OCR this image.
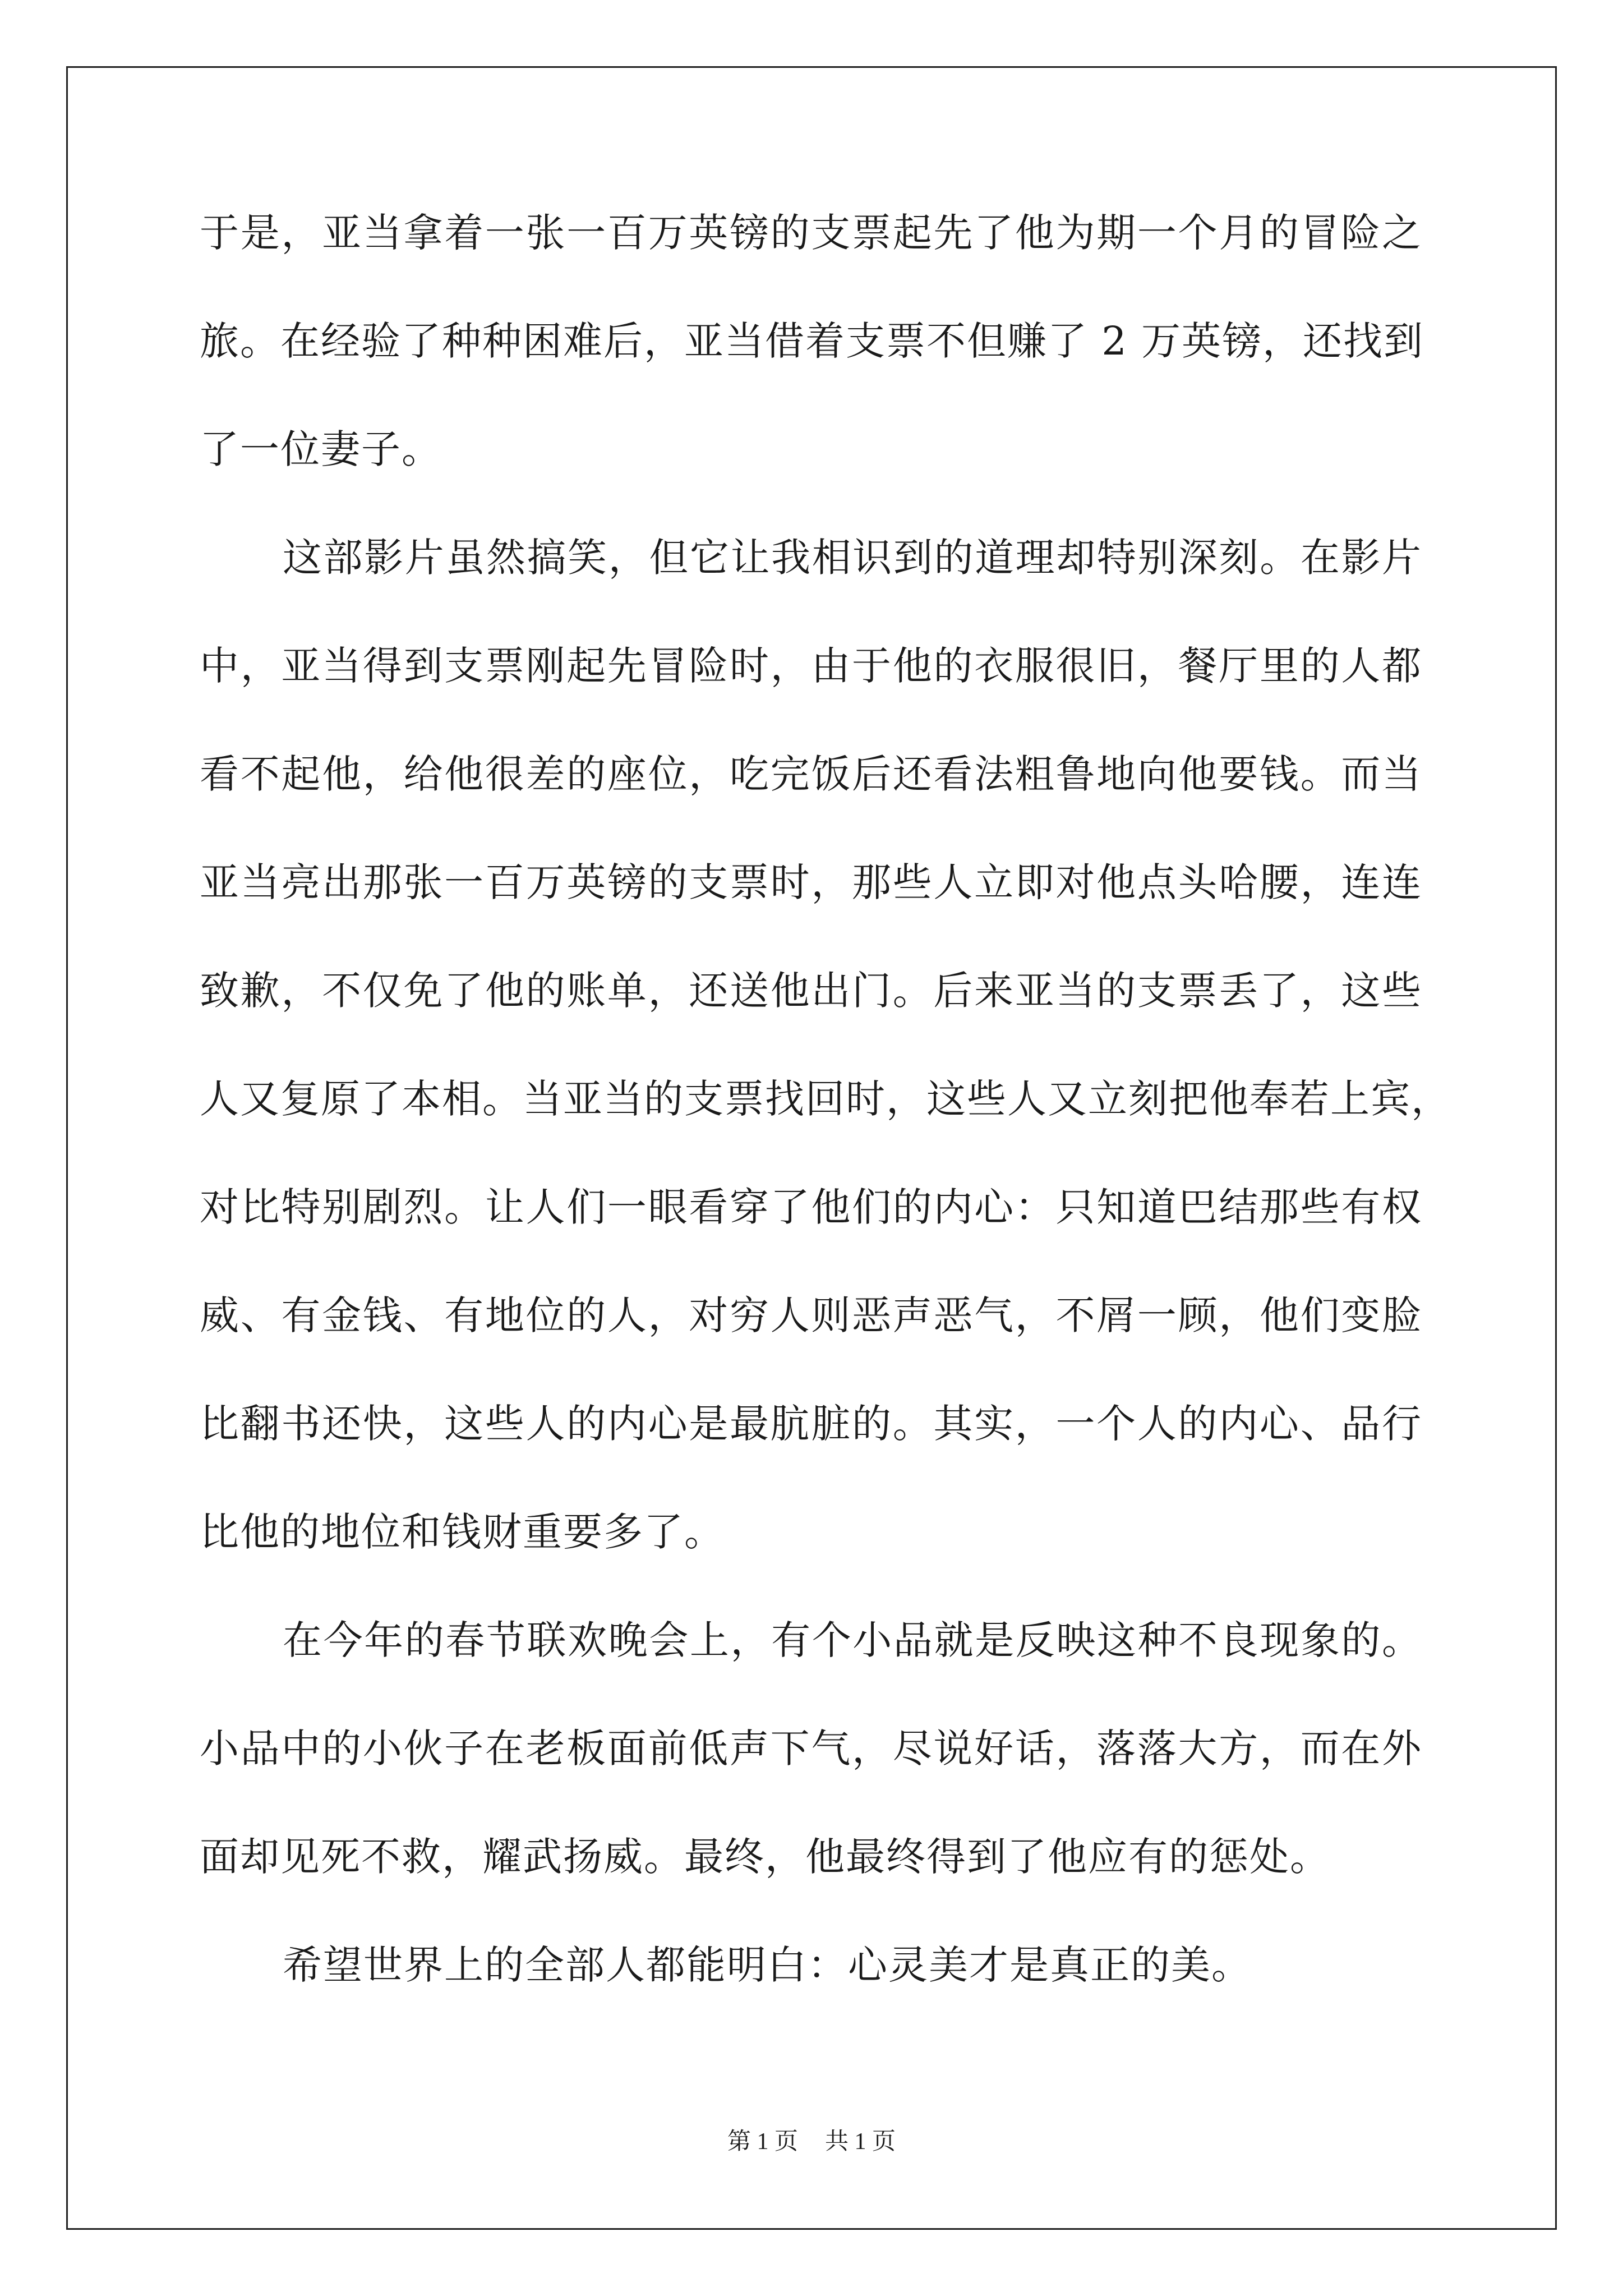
于是，亚当拿着一张一百万英镑的支票起先了他为期一个月的冒险之
旅。在经验了种种困难后，亚当借着支票不但赚了 2 万英镑，还找到
了一位妻子。
这部影片虽然搞笑，但它让我相识到的道理却特别深刻。在影片
中，亚当得到支票刚起先冒险时，由于他的衣服很旧，餐厅里的人都
看不起他，给他很差的座位，吃完饭后还看法粗鲁地向他要钱。而当
亚当亮出那张一百万英镑的支票时，那些人立即对他点头哈腰，连连
致歉，不仅免了他的账单，还送他出门。后来亚当的支票丢了，这些
人又复原了本相。当亚当的支票找回时，这些人又立刻把他奉若上宾，
对比特别剧烈。让人们一眼看穿了他们的内心：只知道巴结那些有权
威、有金钱、有地位的人，对穷人则恶声恶气，不屑一顾，他们变脸
比翻书还快，这些人的内心是最肮脏的。其实，一个人的内心、品行
比他的地位和钱财重要多了。
在今年的春节联欢晚会上，有个小品就是反映这种不良现象的。
小品中的小伙子在老板面前低声下气，尽说好话，落落大方，而在外
面却见死不救，耀武扬威。最终，他最终得到了他应有的惩处。
希望世界上的全部人都能明白：心灵美才是真正的美。
第 1 页 共 1 页
